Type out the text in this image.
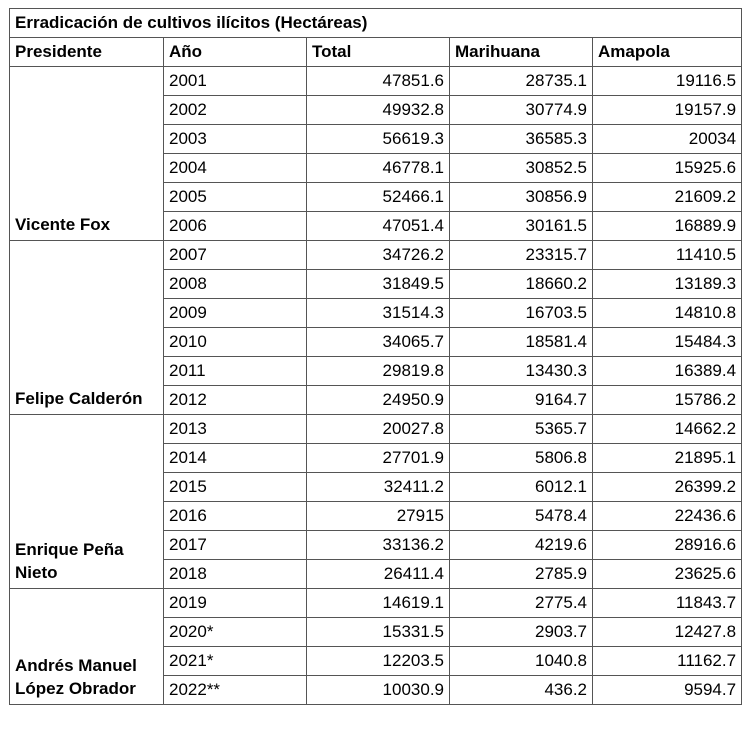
Erradicación de cultivos ilícitos (Hectáreas)				
Presidente	Año	Total	Marihuana	Amapola
Vicente Fox	2001	47851.6	28735.1	19116.5
	2002	49932.8	30774.9	19157.9
	2003	56619.3	36585.3	20034
	2004	46778.1	30852.5	15925.6
	2005	52466.1	30856.9	21609.2
	2006	47051.4	30161.5	16889.9
Felipe Calderón	2007	34726.2	23315.7	11410.5
	2008	31849.5	18660.2	13189.3
	2009	31514.3	16703.5	14810.8
	2010	34065.7	18581.4	15484.3
	2011	29819.8	13430.3	16389.4
	2012	24950.9	9164.7	15786.2
Enrique Peña Nieto	2013	20027.8	5365.7	14662.2
	2014	27701.9	5806.8	21895.1
	2015	32411.2	6012.1	26399.2
	2016	27915	5478.4	22436.6
	2017	33136.2	4219.6	28916.6
	2018	26411.4	2785.9	23625.6
Andrés Manuel López Obrador	2019	14619.1	2775.4	11843.7
	2020*	15331.5	2903.7	12427.8
	2021*	12203.5	1040.8	11162.7
	2022**	10030.9	436.2	9594.7
